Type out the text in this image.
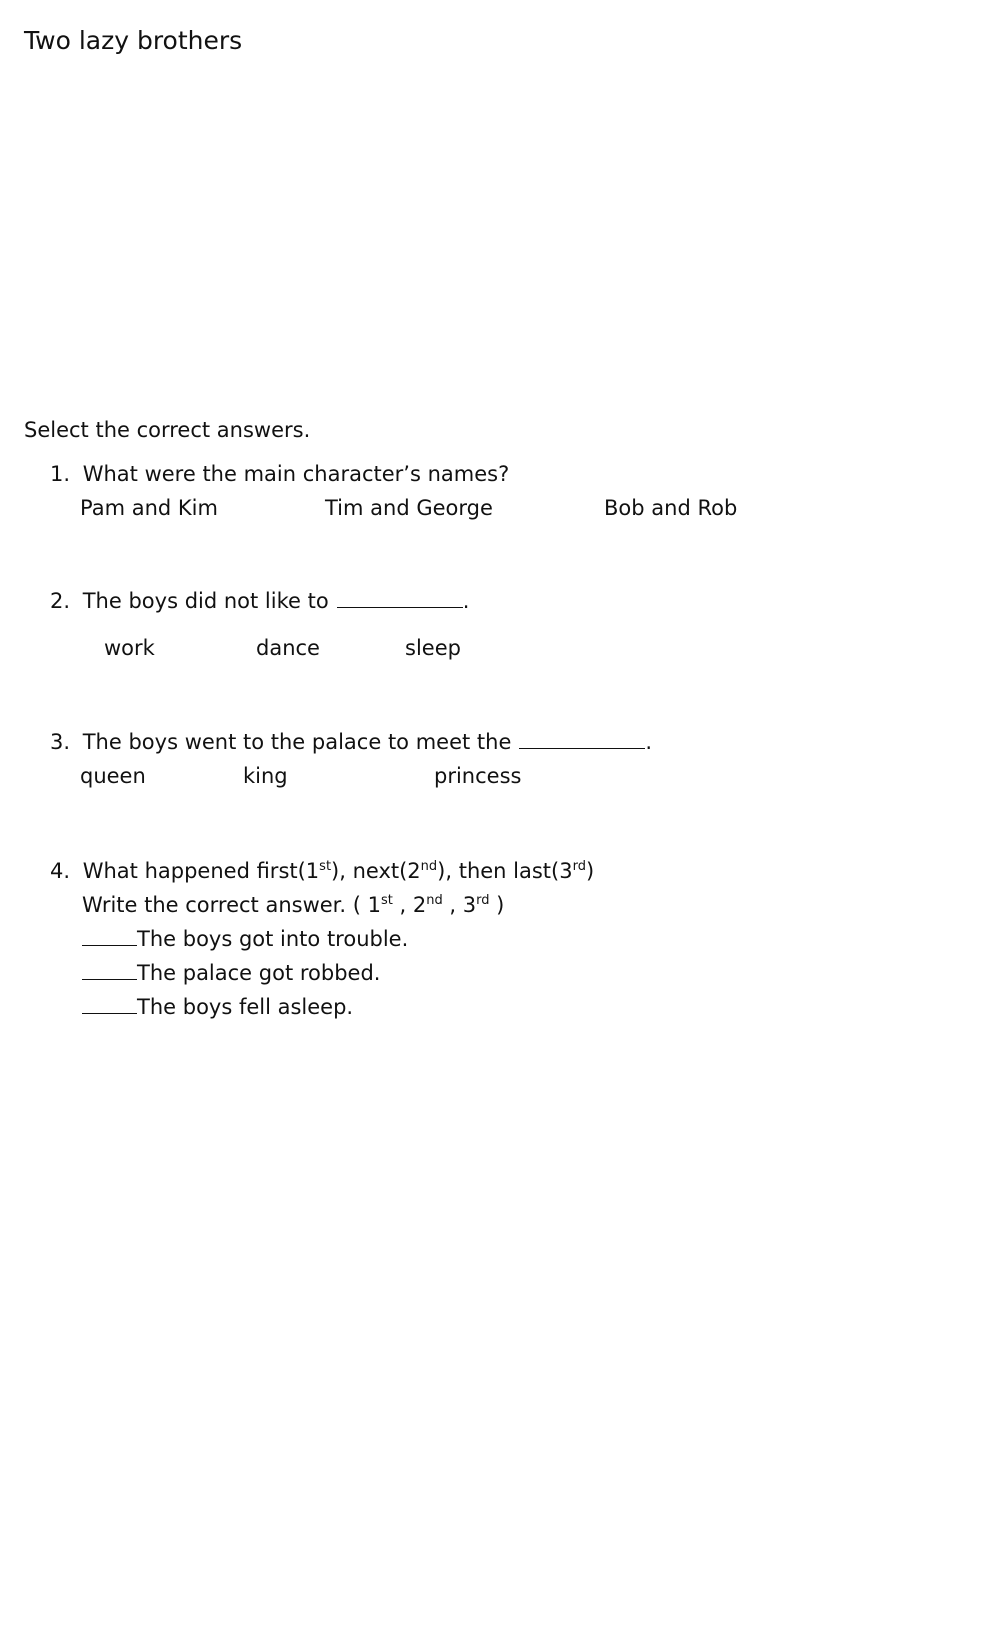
Two lazy brothers
Select the correct answers.
1. What were the main character’s names?
Pam and Kim	Tim and George	Bob and Rob
2. The boys did not like to	.
work	dance	sleep
3. The boys went to the palace to meet the	.
queen	king	princess
4. What happened first(1st), next(2nd), then last(3rd)
Write the correct answer. ( 1st , 2nd , 3rd )
The boys got into trouble.
The palace got robbed.
The boys fell asleep.
